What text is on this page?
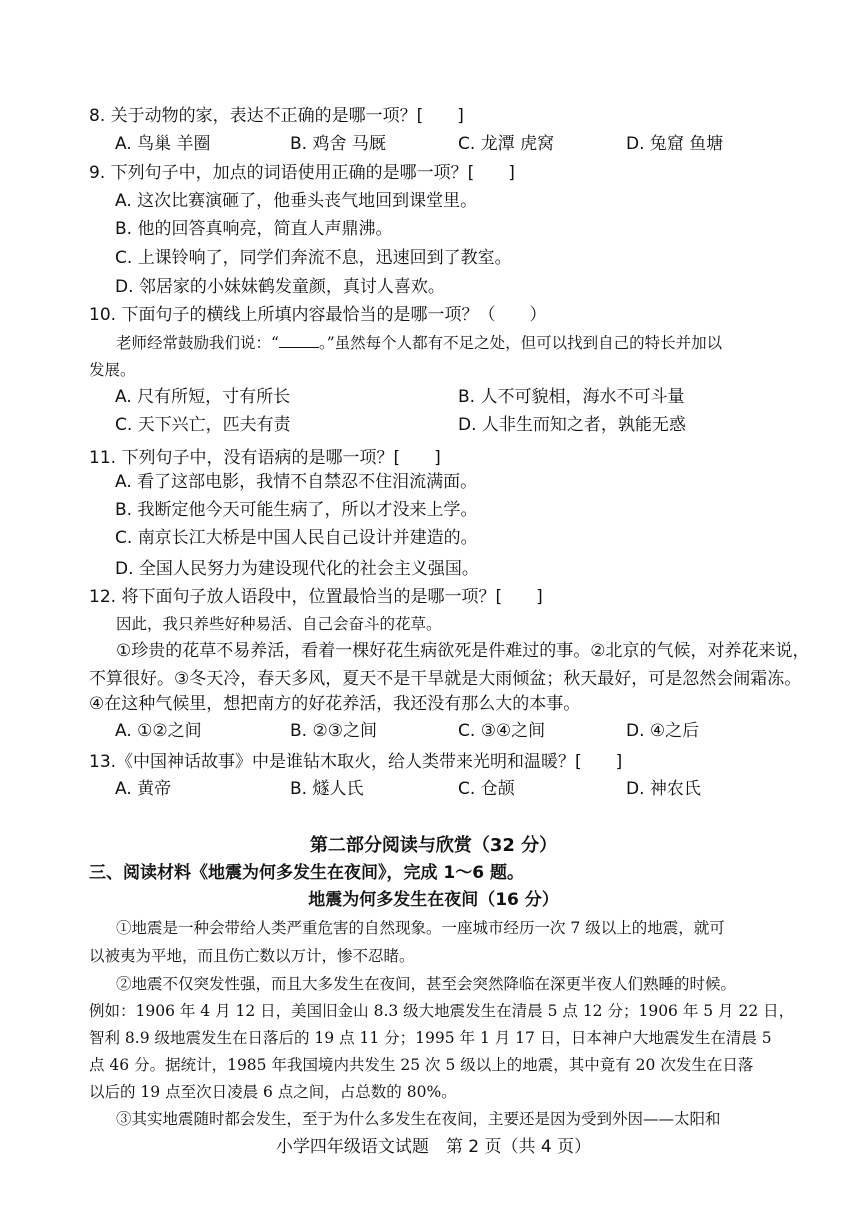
8. 关于动物的家，表达不正确的是哪一项？[　　]
A. 鸟巢 羊圈	B. 鸡舍 马厩	C. 龙潭 虎窝	D. 兔窟 鱼塘
9. 下列句子中，加点的词语使用正确的是哪一项？[　　]
A. 这次比赛演砸了，他垂头丧气地回到课堂里。
B. 他的回答真响亮，简直人声鼎沸。
C. 上课铃响了，同学们奔流不息，迅速回到了教室。
D. 邻居家的小妹妹鹤发童颜，真讨人喜欢。
10. 下面句子的横线上所填内容最恰当的是哪一项？（　　）
老师经常鼓励我们说：“	。”虽然每个人都有不足之处，但可以找到自己的特长并加以
发展。
A. 尺有所短，寸有所长	B. 人不可貌相，海水不可斗量
C. 天下兴亡，匹夫有责	D. 人非生而知之者，孰能无惑
11. 下列句子中，没有语病的是哪一项？[　　]
A. 看了这部电影，我情不自禁忍不住泪流满面。
B. 我断定他今天可能生病了，所以才没来上学。
C. 南京长江大桥是中国人民自己设计并建造的。
D. 全国人民努力为建设现代化的社会主义强国。
12. 将下面句子放人语段中，位置最恰当的是哪一项？[　　]
因此，我只养些好种易活、自己会奋斗的花草。
①珍贵的花草不易养活，看着一棵好花生病欲死是件难过的事。②北京的气候，对养花来说，
不算很好。③冬天冷，春天多风，夏天不是干旱就是大雨倾盆；秋天最好，可是忽然会闹霜冻。
④在这种气候里，想把南方的好花养活，我还没有那么大的本事。
A. ①②之间	B. ②③之间	C. ③④之间	D. ④之后
13.《中国神话故事》中是谁钻木取火，给人类带来光明和温暖？[　　]
A. 黄帝	B. 燧人氏	C. 仓颉	D. 神农氏
第二部分阅读与欣赏（32 分）
三、阅读材料《地震为何多发生在夜间》，完成 1～6 题。
地震为何多发生在夜间（16 分）
①地震是一种会带给人类严重危害的自然现象。一座城市经历一次 7 级以上的地震，就可
以被夷为平地，而且伤亡数以万计，惨不忍睹。
②地震不仅突发性强，而且大多发生在夜间，甚至会突然降临在深更半夜人们熟睡的时候。
例如：1906 年 4 月 12 日，美国旧金山 8.3 级大地震发生在清晨 5 点 12 分；1906 年 5 月 22 日，
智利 8.9 级地震发生在日落后的 19 点 11 分；1995 年 1 月 17 日，日本神户大地震发生在清晨 5
点 46 分。据统计，1985 年我国境内共发生 25 次 5 级以上的地震，其中竟有 20 次发生在日落
以后的 19 点至次日凌晨 6 点之间，占总数的 80%。
③其实地震随时都会发生，至于为什么多发生在夜间，主要还是因为受到外因——太阳和
小学四年级语文试题　第 2 页（共 4 页）
